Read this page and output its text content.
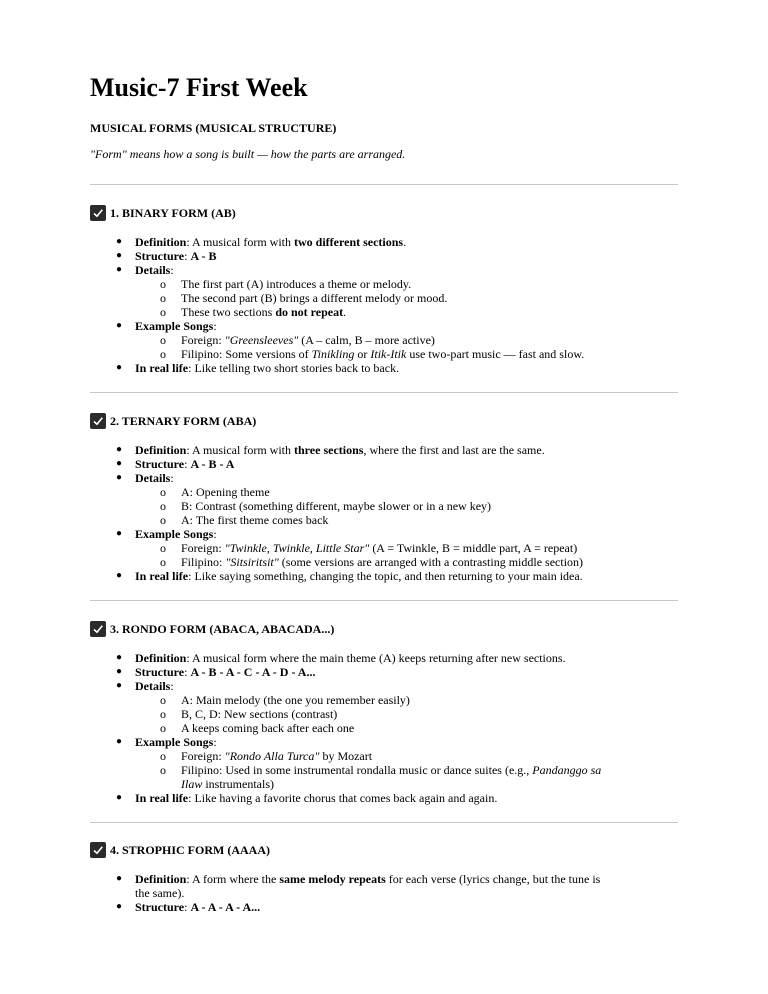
Music-7 First Week
MUSICAL FORMS (MUSICAL STRUCTURE)
"Form" means how a song is built — how the parts are arranged.
1. BINARY FORM (AB)
● Definition: A musical form with two different sections.
● Structure: A - B
● Details:
o The first part (A) introduces a theme or melody.
o The second part (B) brings a different melody or mood.
o These two sections do not repeat.
● Example Songs:
o Foreign: "Greensleeves" (A – calm, B – more active)
o Filipino: Some versions of Tinikling or Itik-Itik use two-part music — fast and slow.
● In real life: Like telling two short stories back to back.
2. TERNARY FORM (ABA)
● Definition: A musical form with three sections, where the first and last are the same.
● Structure: A - B - A
● Details:
o A: Opening theme
o B: Contrast (something different, maybe slower or in a new key)
o A: The first theme comes back
● Example Songs:
o Foreign: "Twinkle, Twinkle, Little Star" (A = Twinkle, B = middle part, A = repeat)
o Filipino: "Sitsiritsit" (some versions are arranged with a contrasting middle section)
● In real life: Like saying something, changing the topic, and then returning to your main idea.
3. RONDO FORM (ABACA, ABACADA...)
● Definition: A musical form where the main theme (A) keeps returning after new sections.
● Structure: A - B - A - C - A - D - A...
● Details:
o A: Main melody (the one you remember easily)
o B, C, D: New sections (contrast)
o A keeps coming back after each one
● Example Songs:
o Foreign: "Rondo Alla Turca" by Mozart
o Filipino: Used in some instrumental rondalla music or dance suites (e.g., Pandanggo sa
Ilaw instrumentals)
● In real life: Like having a favorite chorus that comes back again and again.
4. STROPHIC FORM (AAAA)
● Definition: A form where the same melody repeats for each verse (lyrics change, but the tune is
the same).
● Structure: A - A - A - A...
